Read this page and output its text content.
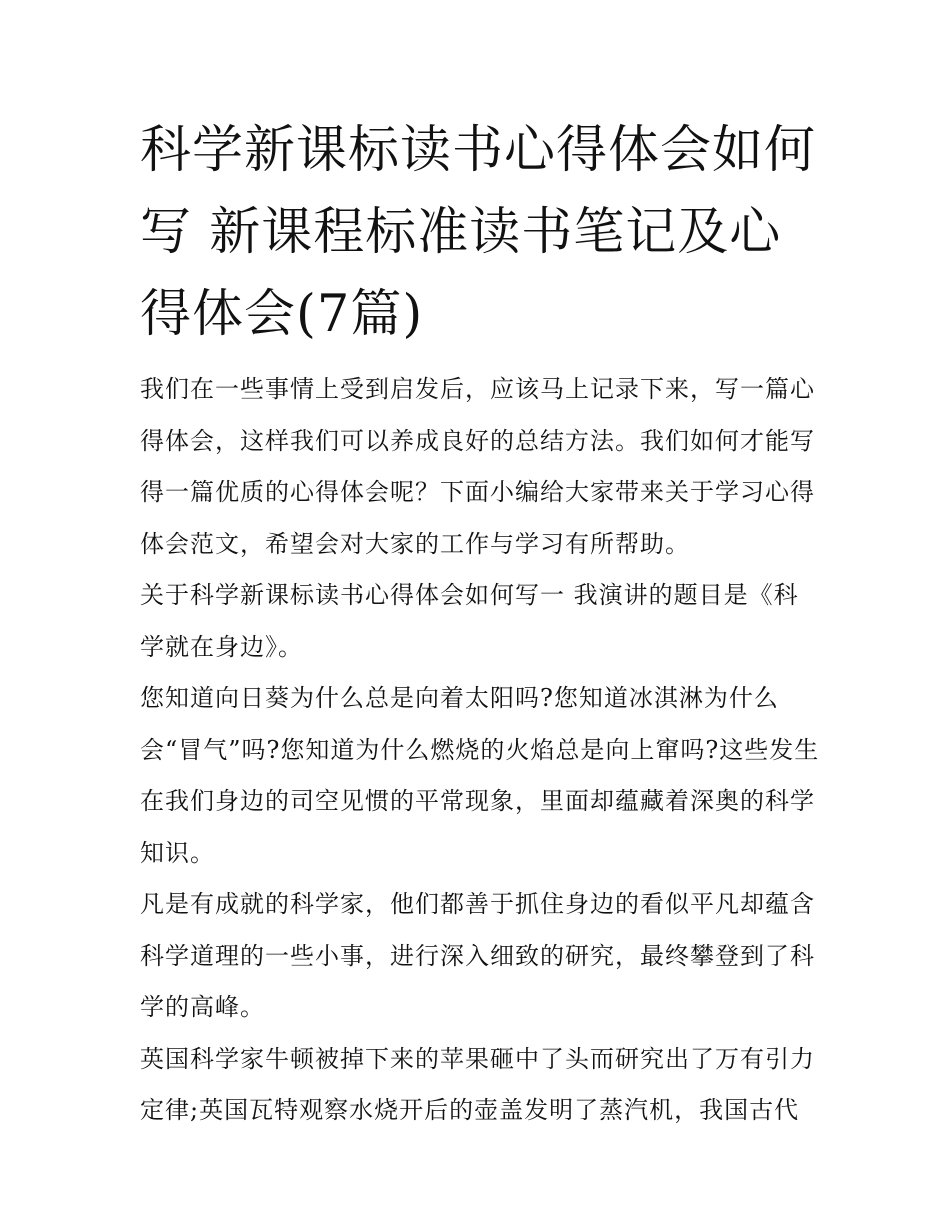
科学新课标读书心得体会如何写 新课程标准读书笔记及心得体会(7篇)

我们在一些事情上受到启发后，应该马上记录下来，写一篇心得体会，这样我们可以养成良好的总结方法。我们如何才能写得一篇优质的心得体会呢？下面小编给大家带来关于学习心得体会范文，希望会对大家的工作与学习有所帮助。

关于科学新课标读书心得体会如何写一 我演讲的题目是《科学就在身边》。

您知道向日葵为什么总是向着太阳吗?您知道冰淇淋为什么会“冒气”吗?您知道为什么燃烧的火焰总是向上窜吗?这些发生在我们身边的司空见惯的平常现象，里面却蕴藏着深奥的科学知识。

凡是有成就的科学家，他们都善于抓住身边的看似平凡却蕴含科学道理的一些小事，进行深入细致的研究，最终攀登到了科学的高峰。

英国科学家牛顿被掉下来的苹果砸中了头而研究出了万有引力定律;英国瓦特观察水烧开后的壶盖发明了蒸汽机，我国古代
